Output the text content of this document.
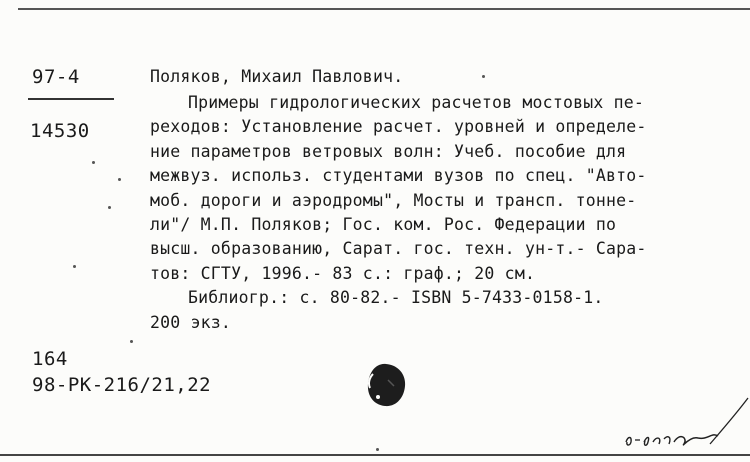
97-4
14530
Поляков, Михаил Павлович.
Примеры гидрологических расчетов мостовых пе-
реходов: Установление расчет. уровней и определе-
ние параметров ветровых волн: Учеб. пособие для
межвуз. использ. студентами вузов по спец. "Авто-
моб. дороги и аэродромы", Мосты и трансп. тонне-
ли"/ М.П. Поляков; Гос. ком. Рос. Федерации по
высш. образованию, Сарат. гос. техн. ун-т.- Сара-
тов: СГТУ, 1996.- 83 с.: граф.; 20 см.
Библиогр.: с. 80-82.- ISBN 5-7433-0158-1.
200 экз.
164
98-РК-216/21,22
